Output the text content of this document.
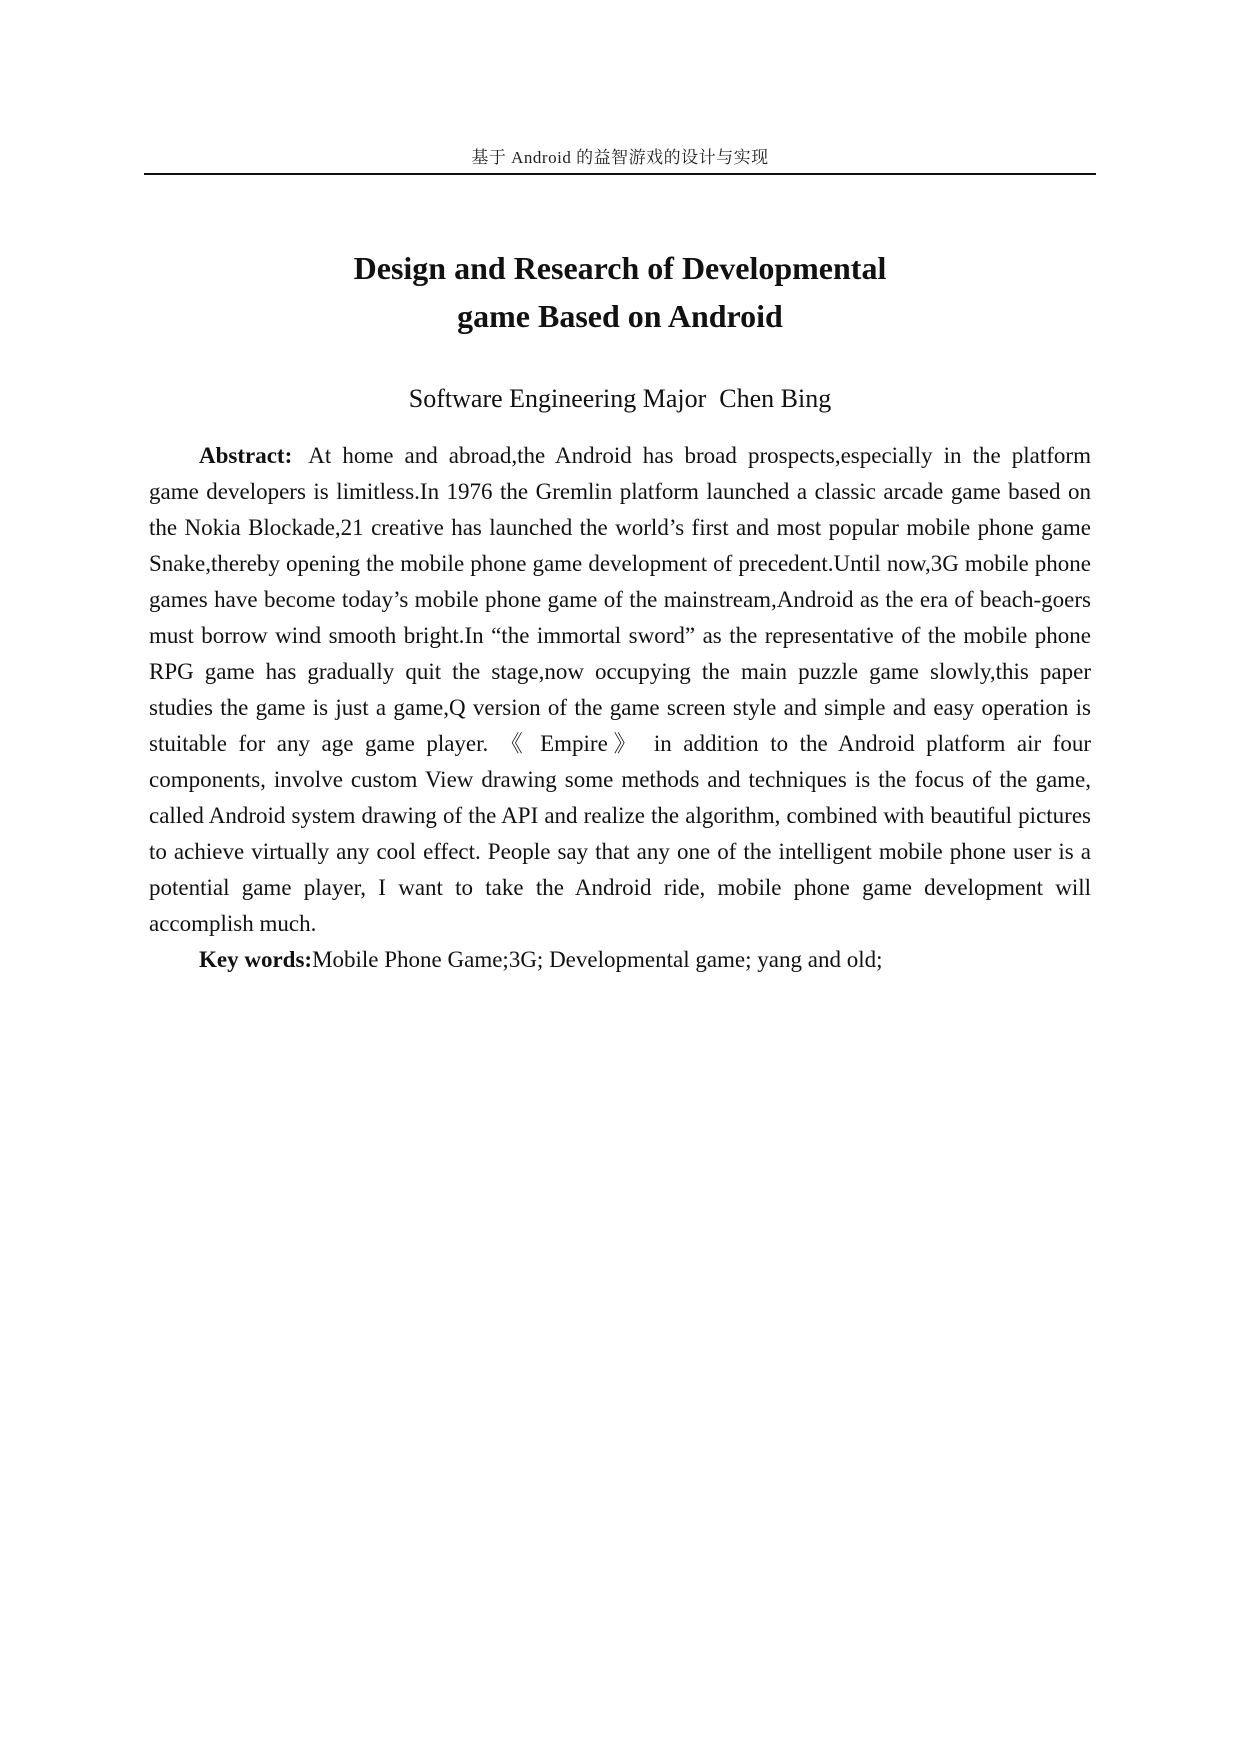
基于 Android 的益智游戏的设计与实现
Design and Research of Developmental
game Based on Android
Software Engineering Major  Chen Bing

Abstract: At home and abroad,the Android has broad prospects,especially in the platform game developers is limitless.In 1976 the Gremlin platform launched a classic arcade game based on the Nokia Blockade,21 creative has launched the world’s first and most popular mobile phone game Snake,thereby opening the mobile phone game development of precedent.Until now,3G mobile phone games have become today’s mobile phone game of the mainstream,Android as the era of beach-goers must borrow wind smooth bright.In “the immortal sword” as the representative of the mobile phone RPG game has gradually quit the stage,now occupying the main puzzle game slowly,this paper studies the game is just a game,Q version of the game screen style and simple and easy operation is stuitable for any age game player. 《 Empire》 in addition to the Android platform air four components, involve custom View drawing some methods and techniques is the focus of the game, called Android system drawing of the API and realize the algorithm, combined with beautiful pictures to achieve virtually any cool effect. People say that any one of the intelligent mobile phone user is a potential game player, I want to take the Android ride, mobile phone game development will accomplish much.

Key words:Mobile Phone Game;3G; Developmental game; yang and old;
